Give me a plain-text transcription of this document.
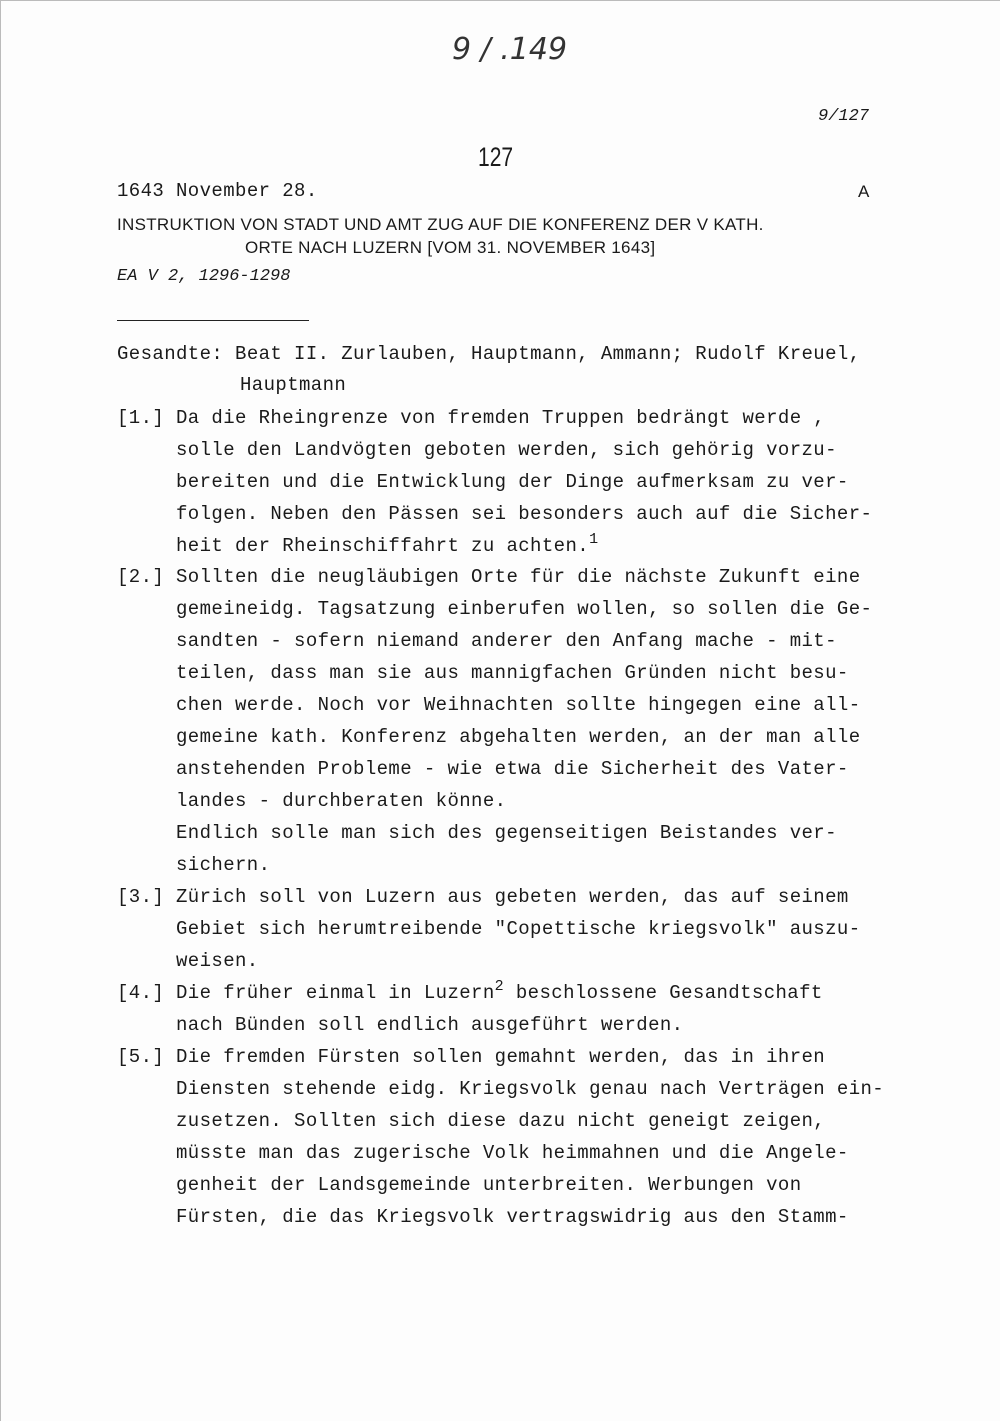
9 / .149
9/127
127
1643 November 28.	A
INSTRUKTION VON STADT UND AMT ZUG AUF DIE KONFERENZ DER V KATH.
ORTE NACH LUZERN [VOM 31. NOVEMBER 1643]
EA V 2, 1296-1298
Gesandte: Beat II. Zurlauben, Hauptmann, Ammann; Rudolf Kreuel,
Hauptmann
[1.] Da die Rheingrenze von fremden Truppen bedrängt werde ,
solle den Landvögten geboten werden, sich gehörig vorzu-
bereiten und die Entwicklung der Dinge aufmerksam zu ver-
folgen. Neben den Pässen sei besonders auch auf die Sicher-
heit der Rheinschiffahrt zu achten.$^1$
[2.] Sollten die neugläubigen Orte für die nächste Zukunft eine
gemeineidg. Tagsatzung einberufen wollen, so sollen die Ge-
sandten - sofern niemand anderer den Anfang mache - mit-
teilen, dass man sie aus mannigfachen Gründen nicht besu-
chen werde. Noch vor Weihnachten sollte hingegen eine all-
gemeine kath. Konferenz abgehalten werden, an der man alle
anstehenden Probleme - wie etwa die Sicherheit des Vater-
landes - durchberaten könne.
Endlich solle man sich des gegenseitigen Beistandes ver-
sichern.
[3.] Zürich soll von Luzern aus gebeten werden, das auf seinem
Gebiet sich herumtreibende "Copettische kriegsvolk" auszu-
weisen.
[4.] Die früher einmal in Luzern$^2$ beschlossene Gesandtschaft
nach Bünden soll endlich ausgeführt werden.
[5.] Die fremden Fürsten sollen gemahnt werden, das in ihren
Diensten stehende eidg. Kriegsvolk genau nach Verträgen ein-
zusetzen. Sollten sich diese dazu nicht geneigt zeigen,
müsste man das zugerische Volk heimmahnen und die Angele-
genheit der Landsgemeinde unterbreiten. Werbungen von
Fürsten, die das Kriegsvolk vertragswidrig aus den Stamm-
